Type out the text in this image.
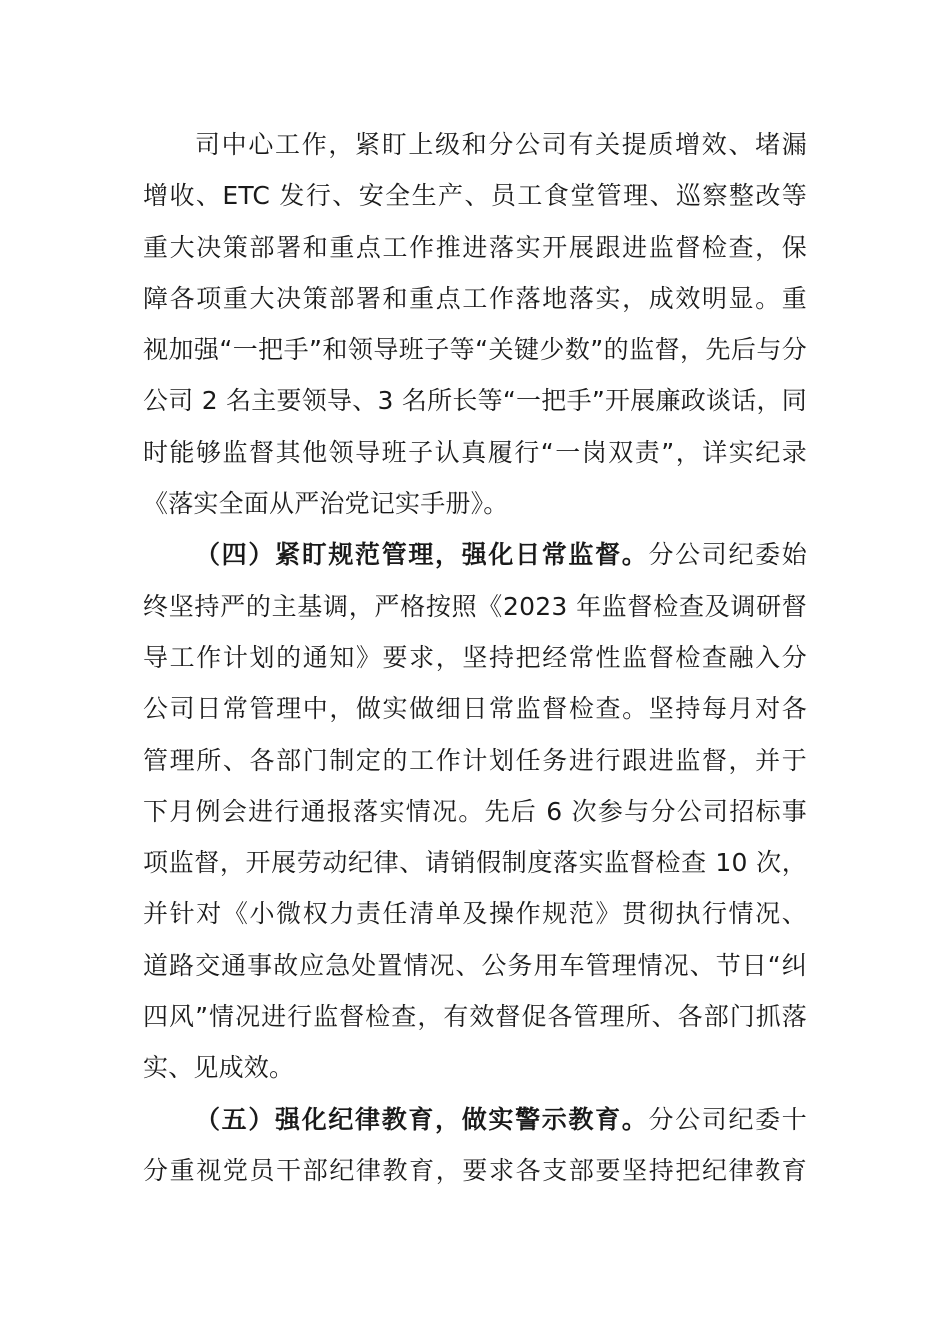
司中心工作，紧盯上级和分公司有关提质增效、堵漏
增收、ETC 发行、安全生产、员工食堂管理、巡察整改等
重大决策部署和重点工作推进落实开展跟进监督检查，保
障各项重大决策部署和重点工作落地落实，成效明显。重
视加强“一把手”和领导班子等“关键少数”的监督，先后与分
公司 2 名主要领导、3 名所长等“一把手”开展廉政谈话，同
时能够监督其他领导班子认真履行“一岗双责”，详实纪录
《落实全面从严治党记实手册》。
（四）紧盯规范管理，强化日常监督。分公司纪委始
终坚持严的主基调，严格按照《2023 年监督检查及调研督
导工作计划的通知》要求，坚持把经常性监督检查融入分
公司日常管理中，做实做细日常监督检查。坚持每月对各
管理所、各部门制定的工作计划任务进行跟进监督，并于
下月例会进行通报落实情况。先后 6 次参与分公司招标事
项监督，开展劳动纪律、请销假制度落实监督检查 10 次，
并针对《小微权力责任清单及操作规范》贯彻执行情况、
道路交通事故应急处置情况、公务用车管理情况、节日“纠
四风”情况进行监督检查，有效督促各管理所、各部门抓落
实、见成效。
（五）强化纪律教育，做实警示教育。分公司纪委十
分重视党员干部纪律教育，要求各支部要坚持把纪律教育
